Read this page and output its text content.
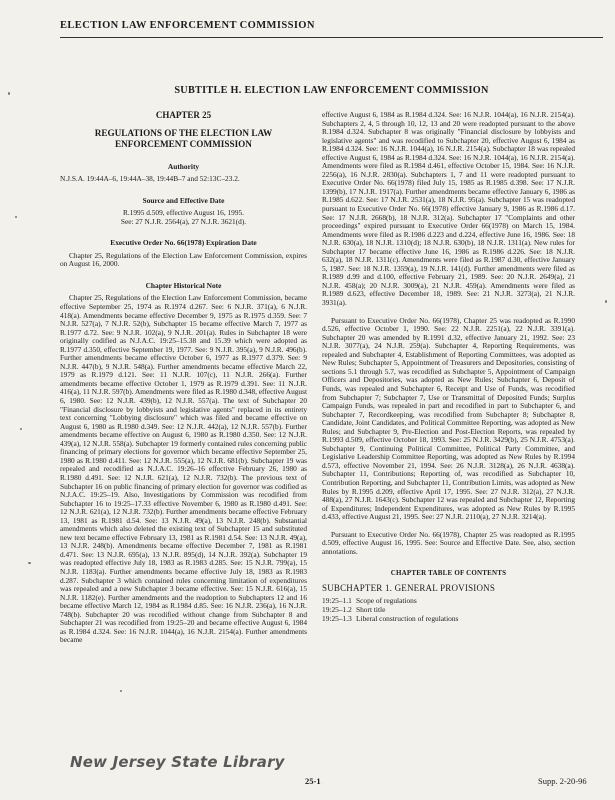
ELECTION LAW ENFORCEMENT COMMISSION
SUBTITLE H. ELECTION LAW ENFORCEMENT COMMISSION

CHAPTER 25

REGULATIONS OF THE ELECTION LAW
ENFORCEMENT COMMISSION

Authority

N.J.S.A. 19:44A–6, 19:44A–38, 19:44B–7 and 52:13C–23.2.

Source and Effective Date

R.1995 d.509, effective August 16, 1995.

See: 27 N.J.R. 2564(a), 27 N.J.R. 3621(d).

Executive Order No. 66(1978) Expiration Date

Chapter 25, Regulations of the Election Law Enforcement Commission, expires on August 16, 2000.

Chapter Historical Note

Chapter 25, Regulations of the Election Law Enforcement Commission, became effective September 25, 1974 as R.1974 d.267. See: 6 N.J.R. 371(a), 6 N.J.R. 418(a). Amendments became effective December 9, 1975 as R.1975 d.359. See: 7 N.J.R. 527(a), 7 N.J.R. 52(b), Subchapter 15 became effective March 7, 1977 as R.1977 d.72. See: 9 N.J.R. 102(a), 9 N.J.R. 201(a). Rules in Subchapter 18 were originally codified as N.J.A.C. 19:25–15.38 and 15.39 which were adopted as R.1977 d.350, effective September 19, 1977. See: 9 N.J.R. 395(a), 9 N.J.R. 496(b). Further amendments became effective October 6, 1977 as R.1977 d.379. See: 9 N.J.R. 447(b), 9 N.J.R. 548(a). Further amendments became effective March 22, 1979 as R.1979 d.121. See: 11 N.J.R. 107(c), 11 N.J.R. 266(a). Further amendments became effective October 1, 1979 as R.1979 d.391. See: 11 N.J.R. 416(a), 11 N.J.R. 597(b). Amendments were filed as R.1980 d.348, effective August 6, 1980. See: 12 N.J.R. 439(b), 12 N.J.R. 557(a). The text of Subchapter 20 "Financial disclosure by lobbyists and legislative agents" replaced in its entirety text concerning "Lobbying disclosure" which was filed and became effective on August 6, 1980 as R.1980 d.349. See: 12 N.J.R. 442(a), 12 N.J.R. 557(b). Further amendments became effective on August 6, 1980 as R.1980 d.350. See: 12 N.J.R. 439(a), 12 N.J.R. 558(a). Subchapter 19 formerly contained rules concerning public financing of primary elections for governor which became effective September 25, 1980 as R.1980 d.411. See: 12 N.J.R. 555(a), 12 N.J.R. 681(b). Subchapter 19 was repealed and recodified as N.J.A.C. 19:26–16 effective February 26, 1980 as R.1980 d.491. See: 12 N.J.R. 621(a), 12 N.J.R. 732(b). The previous text of Subchapter 16 on public financing of primary election for governor was codified as N.J.A.C. 19:25–19. Also, Investigations by Commission was recodified from Subchapter 16 to 19:25–17.33 effective November 6, 1980 as R.1980 d.491. See: 12 N.J.R. 621(a), 12 N.J.R. 732(b). Further amendments became effective February 13, 1981 as R.1981 d.54. See: 13 N.J.R. 49(a), 13 N.J.R. 248(b). Substantial amendments which also deleted the existing text of Subchapter 15 and substituted new text became effective February 13, 1981 as R.1981 d.54. See: 13 N.J.R. 49(a), 13 N.J.R. 248(b). Amendments became effective December 7, 1981 as R.1981 d.471. See: 13 N.J.R. 695(a), 13 N.J.R. 895(d), 14 N.J.R. 392(a). Subchapter 19 was readopted effective July 18, 1983 as R.1983 d.285. See: 15 N.J.R. 799(a), 15 N.J.R. 1183(a). Further amendments became effective July 18, 1983 as R.1983 d.287. Subchapter 3 which contained rules concerning limitation of expenditures was repealed and a new Subchapter 3 became effective. See: 15 N.J.R. 616(a), 15 N.J.R. 1182(e). Further amendments and the readoption to Subchapters 12 and 16 became effective March 12, 1984 as R.1984 d.85. See: 16 N.J.R. 236(a), 16 N.J.R. 748(b). Subchapter 20 was recodified without change from Subchapter 8 and Subchapter 21 was recodified from 19:25–20 and became effective August 6, 1984 as R.1984 d.324. See: 16 N.J.R. 1044(a), 16 N.J.R. 2154(a). Further amendments became

effective August 6, 1984 as R.1984 d.324. See: 16 N.J.R. 1044(a), 16 N.J.R. 2154(a). Subchapters 2, 4, 5 through 10, 12, 13 and 20 were readopted pursuant to the above R.1984 d.324. Subchapter 8 was originally "Financial disclosure by lobbyists and legislative agents" and was recodified to Subchapter 20, effective August 6, 1984 as R.1984 d.324. See: 16 N.J.R. 1044(a), 16 N.J.R. 2154(a). Subchapter 18 was repealed effective August 6, 1984 as R.1984 d.324. See: 16 N.J.R. 1044(a), 16 N.J.R. 2154(a). Amendments were filed as R.1984 d.461, effective October 15, 1984. See: 16 N.J.R. 2256(a), 16 N.J.R. 2830(a). Subchapters 1, 7 and 11 were readopted pursuant to Executive Order No. 66(1978) filed July 15, 1985 as R.1985 d.398. See: 17 N.J.R. 1399(b), 17 N.J.R. 1917(a). Further amendments became effective January 6, 1986 as R.1985 d.622. See: 17 N.J.R. 2531(a), 18 N.J.R. 95(a). Subchapter 15 was readopted pursuant to Executive Order No. 66(1978) effective January 9, 1986 as R.1986 d.17. See: 17 N.J.R. 2668(b), 18 N.J.R. 312(a). Subchapter 17 "Complaints and other proceedings" expired pursuant to Executive Order 66(1978) on March 15, 1984. Amendments were filed as R.1986 d.223 and d.224, effective June 16, 1986. See: 18 N.J.R. 630(a), 18 N.J.R. 1310(d); 18 N.J.R. 630(b), 18 N.J.R. 1311(a). New rules for Subchapter 17 became effective June 16, 1986 as R.1986 d.226. See: 18 N.J.R. 632(a), 18 N.J.R. 1311(c). Amendments were filed as R.1987 d.30, effective January 5, 1987. See: 18 N.J.R. 1359(a), 19 N.J.R. 141(d). Further amendments were filed as R.1989 d.99 and d.100, effective February 21, 1989. See: 20 N.J.R. 2649(a), 21 N.J.R. 458(a); 20 N.J.R. 3009(a), 21 N.J.R. 459(a). Amendments were filed as R.1989 d.623, effective December 18, 1989. See: 21 N.J.R. 3273(a), 21 N.J.R. 3931(a).

Pursuant to Executive Order No. 66(1978), Chapter 25 was readopted as R.1990 d.526, effective October 1, 1990. See: 22 N.J.R. 2251(a), 22 N.J.R. 3391(a). Subchapter 20 was amended by R.1991 d.32, effective January 21, 1992. See: 23 N.J.R. 3077(a), 24 N.J.R. 259(a). Subchapter 4, Reporting Requirements, was repealed and Subchapter 4, Establishment of Reporting Committees, was adopted as New Rules; Subchapter 5, Appointment of Treasurers and Depositories, consisting of sections 5.1 through 5.7, was recodified as Subchapter 5, Appointment of Campaign Officers and Depositories, was adopted as New Rules; Subchapter 6, Deposit of Funds, was repealed and Subchapter 6, Receipt and Use of Funds, was recodified from Subchapter 7; Subchapter 7, Use or Transmittal of Deposited Funds; Surplus Campaign Funds, was repealed in part and recodified in part to Subchapter 6, and Subchapter 7, Recordkeeping, was recodified from Subchapter 8; Subchapter 8, Candidate, Joint Candidates, and Political Committee Reporting, was adopted as New Rules; and Subchapter 9, Pre-Election and Post-Election Reports, was repealed by R.1993 d.509, effective October 18, 1993. See: 25 N.J.R. 3429(b), 25 N.J.R. 4753(a). Subchapter 9, Continuing Political Committee, Political Party Committee, and Legislative Leadership Committee Reporting, was adopted as New Rules by R.1994 d.573, effective November 21, 1994. See: 26 N.J.R. 3128(a), 26 N.J.R. 4638(a). Subchapter 11, Contributions; Reporting of, was recodified as Subchapter 10, Contribution Reporting, and Subchapter 11, Contribution Limits, was adopted as New Rules by R.1995 d.209, effective April 17, 1995. See: 27 N.J.R. 312(a), 27 N.J.R. 488(a), 27 N.J.R. 1643(c). Subchapter 12 was repealed and Subchapter 12, Reporting of Expenditures; Independent Expenditures, was adopted as New Rules by R.1995 d.433, effective August 21, 1995. See: 27 N.J.R. 2110(a), 27 N.J.R. 3214(a).

Pursuant to Executive Order No. 66(1978), Chapter 25 was readopted as R.1995 d.509, effective August 16, 1995. See: Source and Effective Date. See, also, section annotations.

CHAPTER TABLE OF CONTENTS

SUBCHAPTER 1. GENERAL PROVISIONS

19:25–1.1 Scope of regulations
19:25–1.2 Short title
19:25–1.3 Liberal construction of regulations
New Jersey State Library
25-1	Supp. 2-20-96
